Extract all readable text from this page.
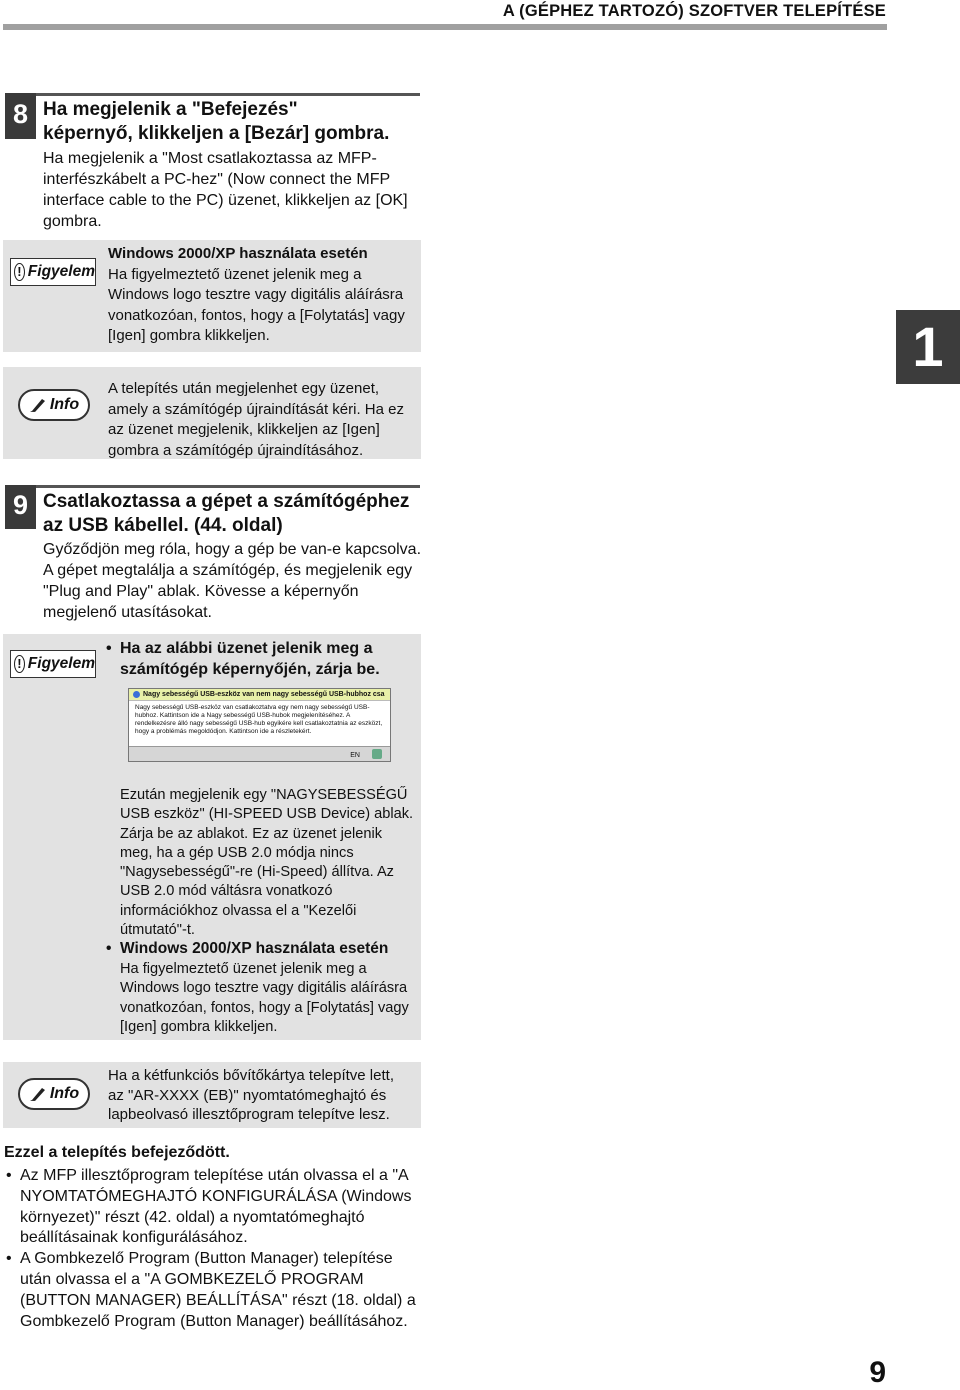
A (GÉPHEZ TARTOZÓ) SZOFTVER TELEPÍTÉSE
1
8 Ha megjelenik a "Befejezés"
képernyő, klikkeljen a [Bezár] gombra.

Ha megjelenik a "Most csatlakoztassa az MFP-interfészkábelt a PC-hez" (Now connect the MFP interface cable to the PC) üzenet, klikkeljen az [OK] gombra.

! Figyelem
Windows 2000/XP használata esetén
Ha figyelmeztető üzenet jelenik meg a Windows logo tesztre vagy digitális aláírásra vonatkozóan, fontos, hogy a [Folytatás] vagy [Igen] gombra klikkeljen.
Info

A telepítés után megjelenhet egy üzenet, amely a számítógép újraindítását kéri. Ha ez az üzenet megjelenik, klikkeljen az [Igen] gombra a számítógép újraindításához.

9 Csatlakoztassa a gépet a számítógéphez
az USB kábellel. (44. oldal)

Győződjön meg róla, hogy a gép be van-e kapcsolva. A gépet megtalálja a számítógép, és megjelenik egy "Plug and Play" ablak. Kövesse a képernyőn megjelenő utasításokat.

! Figyelem
• Ha az alábbi üzenet jelenik meg a számítógép képernyőjén, zárja be.
Ezután megjelenik egy "NAGYSEBESSÉGŰ USB eszköz" (HI-SPEED USB Device) ablak. Zárja be az ablakot. Ez az üzenet jelenik meg, ha a gép USB 2.0 módja nincs "Nagysebességű"-re (Hi-Speed) állítva. Az USB 2.0 mód váltásra vonatkozó információkhoz olvassa el a "Kezelői útmutató"-t.
• Windows 2000/XP használata esetén
Ha figyelmeztető üzenet jelenik meg a Windows logo tesztre vagy digitális aláírásra vonatkozóan, fontos, hogy a [Folytatás] vagy [Igen] gombra klikkeljen.
Nagy sebességű USB-eszköz van nem nagy sebességű USB-hubhoz csa
Nagy sebességű USB-eszköz van csatlakoztatva egy nem nagy sebességű USB-hubhoz. Kattintson ide a Nagy sebességű USB-hubok megjelenítéséhez. A rendelkezésre álló nagy sebességű USB-hub egyikére kell csatlakoztatnia az eszközt, hogy a problémás megoldódjon. Kattintson ide a részletekért.
EN
Info

Ha a kétfunkciós bővítőkártya telepítve lett, az "AR-XXXX (EB)" nyomtatómeghajtó és lapbeolvasó illesztőprogram telepítve lesz.

Ezzel a telepítés befejeződött.

• Az MFP illesztőprogram telepítése után olvassa el a "A NYOMTATÓMEGHAJTÓ KONFIGURÁLÁSA (Windows környezet)" részt (42. oldal) a nyomtatómeghajtó beállításainak konfigurálásához.
• A Gombkezelő Program (Button Manager) telepítése után olvassa el a "A GOMBKEZELŐ PROGRAM (BUTTON MANAGER) BEÁLLÍTÁSA" részt (18. oldal) a Gombkezelő Program (Button Manager) beállításához.
9
